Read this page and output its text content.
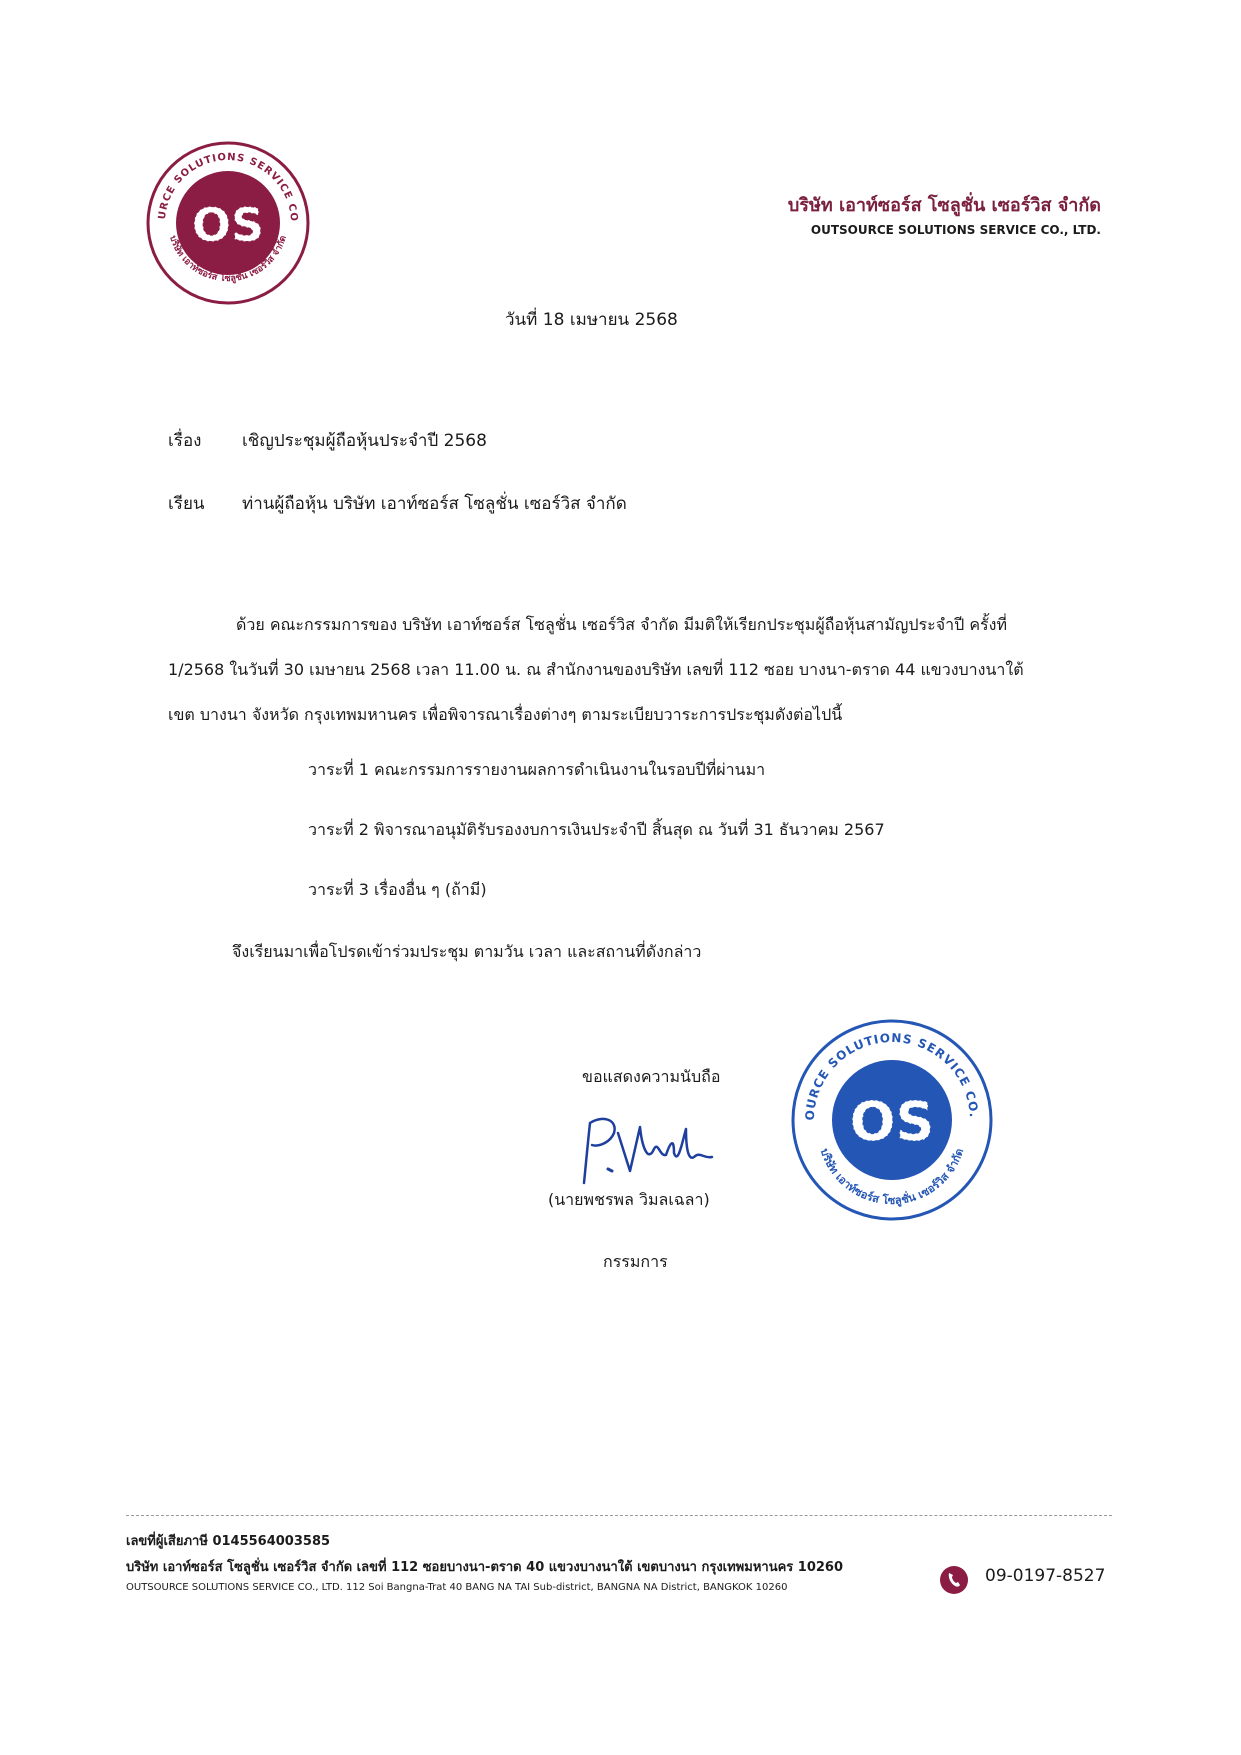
URCE SOLUTIONS SERVICE CO
บริษัท เอาท์ซอร์ส โซลูชั่น เซอร์วิส จำกัด
OS	บริษัท เอาท์ซอร์ส โซลูชั่น เซอร์วิส จำกัด
OUTSOURCE SOLUTIONS SERVICE CO., LTD.
วันที่ 18 เมษายน 2568
เรื่อง เชิญประชุมผู้ถือหุ้นประจำปี 2568
เรียน ท่านผู้ถือหุ้น บริษัท เอาท์ซอร์ส โซลูชั่น เซอร์วิส จำกัด
ด้วย คณะกรรมการของ บริษัท เอาท์ซอร์ส โซลูชั่น เซอร์วิส จำกัด มีมติให้เรียกประชุมผู้ถือหุ้นสามัญประจำปี ครั้งที่
1/2568 ในวันที่ 30 เมษายน 2568 เวลา 11.00 น. ณ สำนักงานของบริษัท เลขที่ 112 ซอย บางนา-ตราด 44 แขวงบางนาใต้
เขต บางนา จังหวัด กรุงเทพมหานคร เพื่อพิจารณาเรื่องต่างๆ ตามระเบียบวาระการประชุมดังต่อไปนี้
วาระที่ 1 คณะกรรมการรายงานผลการดำเนินงานในรอบปีที่ผ่านมา
วาระที่ 2 พิจารณาอนุมัติรับรองงบการเงินประจำปี สิ้นสุด ณ วันที่ 31 ธันวาคม 2567
วาระที่ 3 เรื่องอื่น ๆ (ถ้ามี)
จึงเรียนมาเพื่อโปรดเข้าร่วมประชุม ตามวัน เวลา และสถานที่ดังกล่าว
ขอแสดงความนับถือ
(นายพชรพล วิมลเฉลา)
กรรมการ
OURCE SOLUTIONS SERVICE CO.
บริษัท เอาท์ซอร์ส โซลูชั่น เซอร์วิส จำกัด
OS
เลขที่ผู้เสียภาษี 0145564003585
บริษัท เอาท์ซอร์ส โซลูชั่น เซอร์วิส จำกัด เลขที่ 112 ซอยบางนา-ตราด 40 แขวงบางนาใต้ เขตบางนา กรุงเทพมหานคร 10260
OUTSOURCE SOLUTIONS SERVICE CO., LTD. 112 Soi Bangna-Trat 40 BANG NA TAI Sub-district, BANGNA NA District, BANGKOK 10260
09-0197-8527
